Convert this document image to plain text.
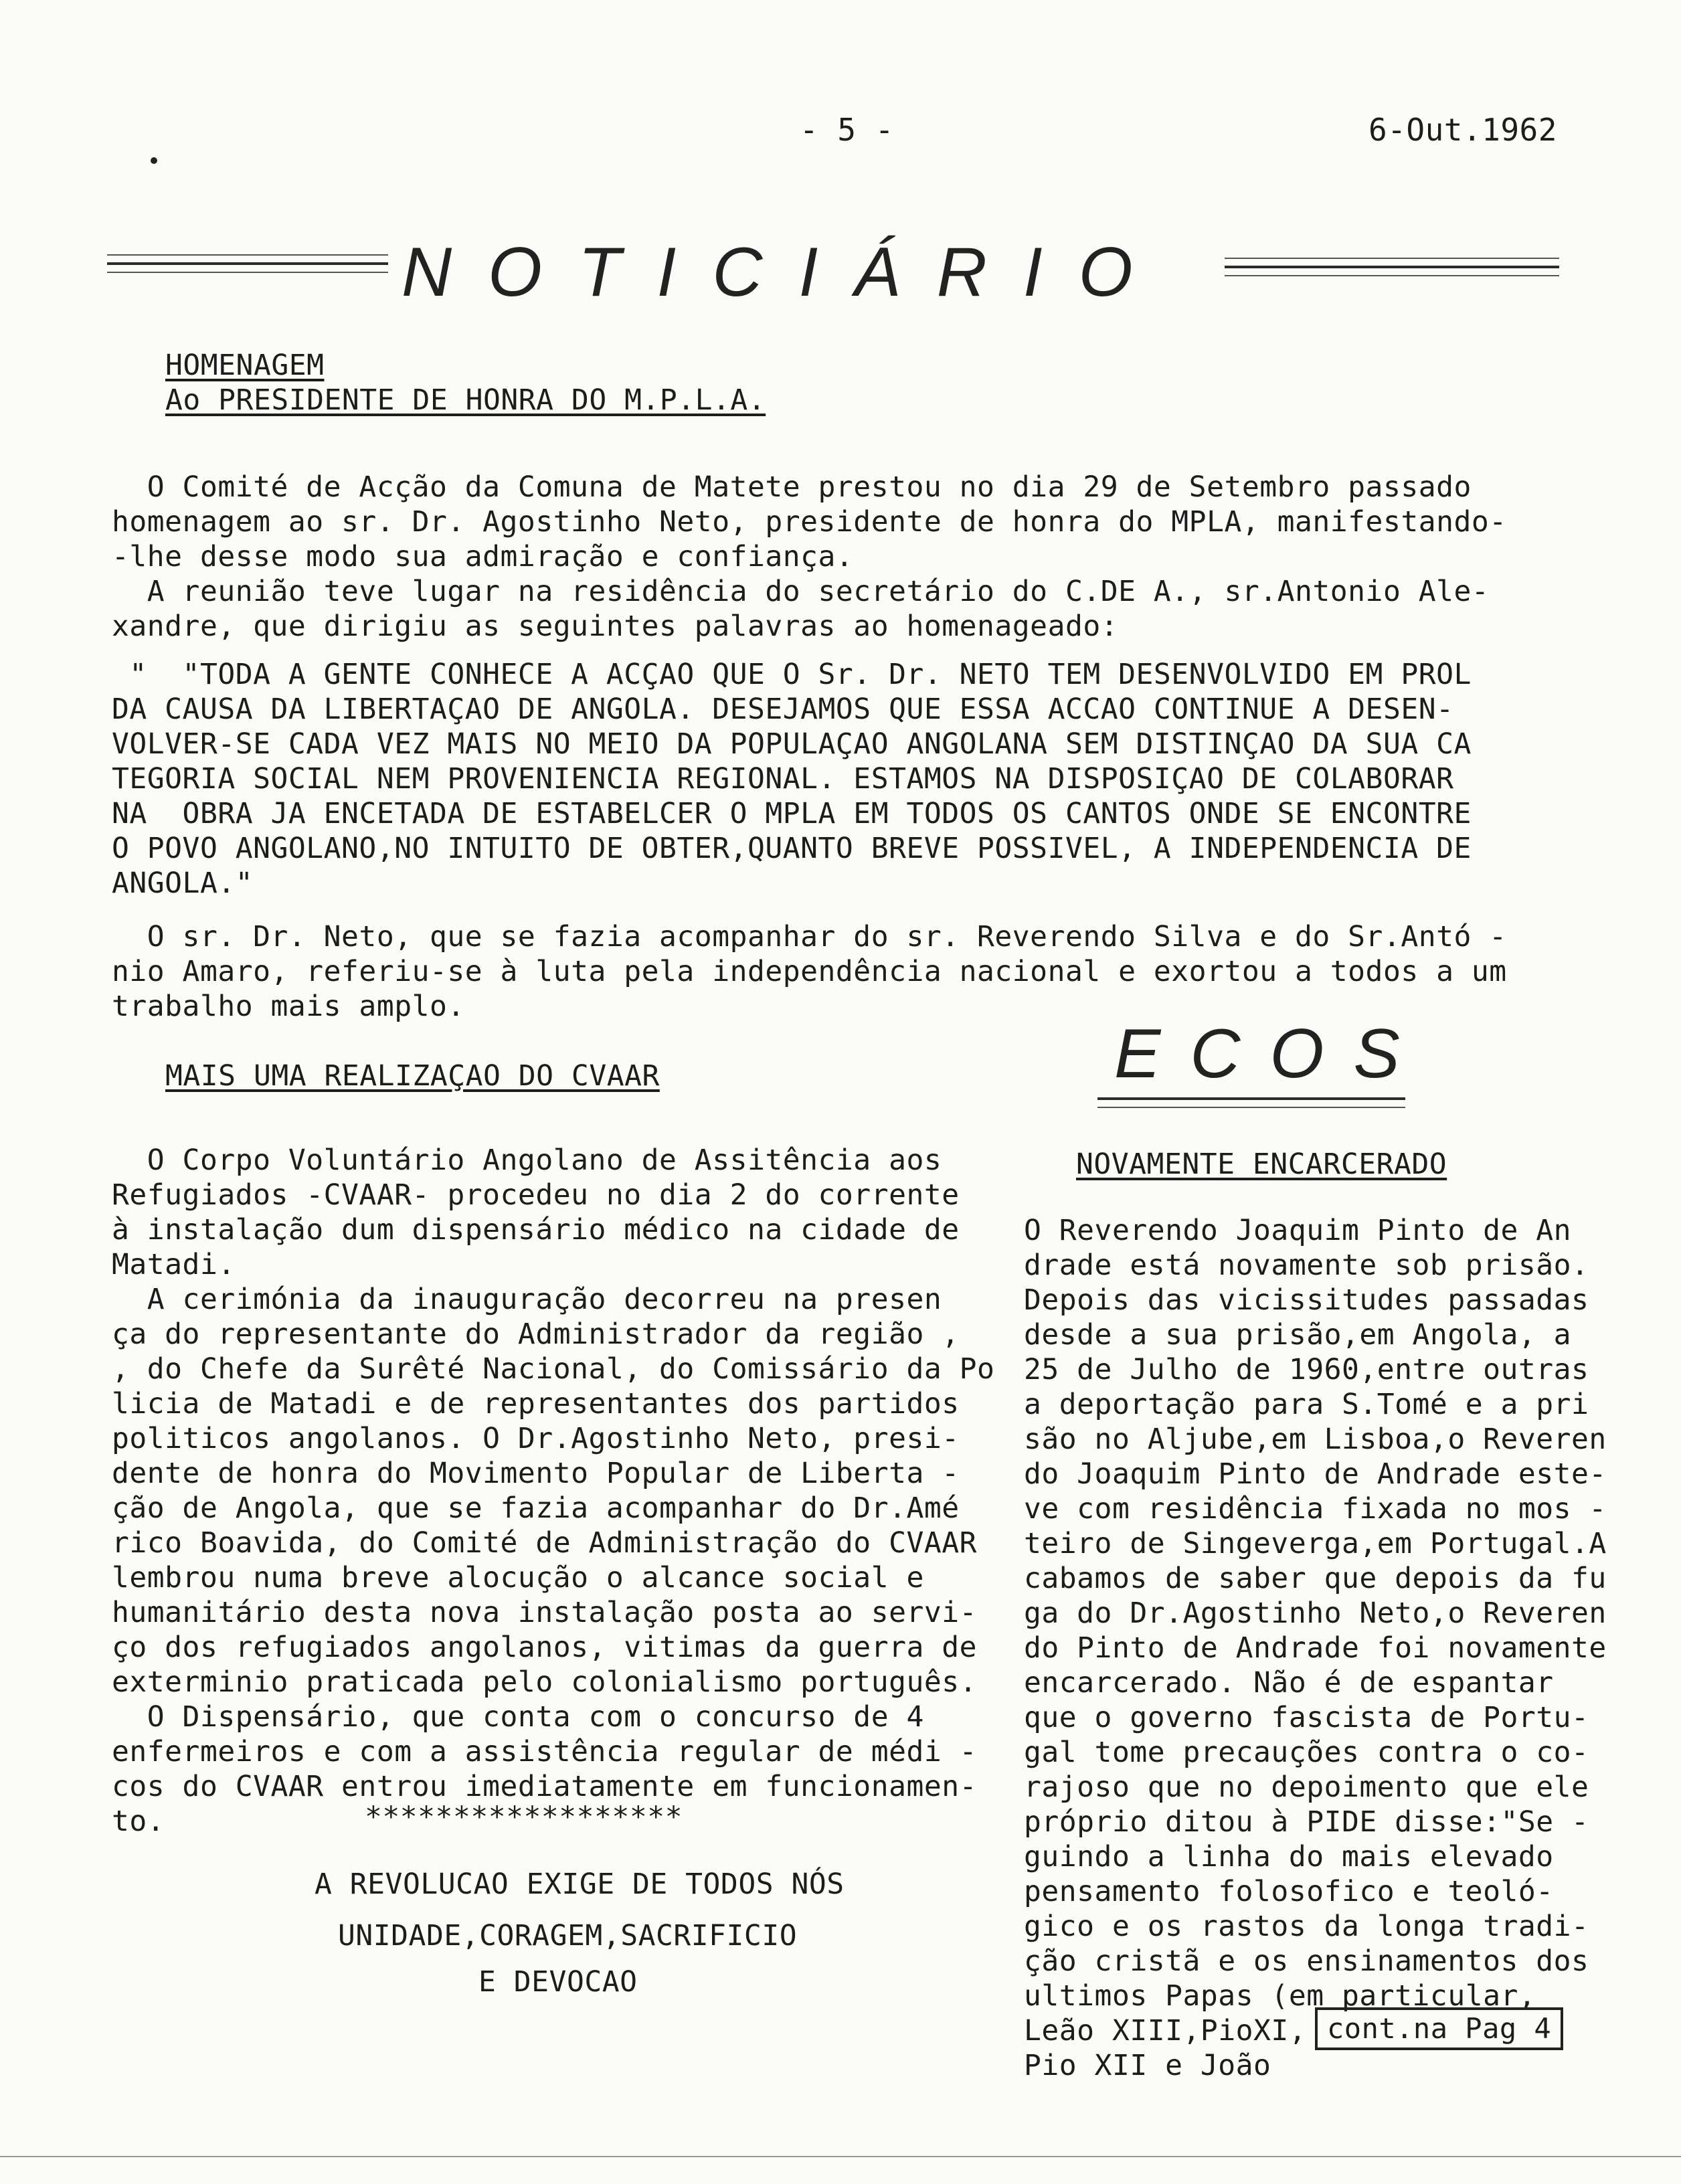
- 5 -	6-Out.1962
NOTICIÁRIO
HOMENAGEM
Ao PRESIDENTE DE HONRA DO M.P.L.A.
O Comité de Acção da Comuna de Matete prestou no dia 29 de Setembro passado
homenagem ao sr. Dr. Agostinho Neto, presidente de honra do MPLA, manifestando-
-lhe desse modo sua admiração e confiança.
A reunião teve lugar na residência do secretário do C.DE A., sr.Antonio Ale-
xandre, que dirigiu as seguintes palavras ao homenageado:
"  "TODA A GENTE CONHECE A ACÇAO QUE O Sr. Dr. NETO TEM DESENVOLVIDO EM PROL
DA CAUSA DA LIBERTAÇAO DE ANGOLA. DESEJAMOS QUE ESSA ACCAO CONTINUE A DESEN-
VOLVER-SE CADA VEZ MAIS NO MEIO DA POPULAÇAO ANGOLANA SEM DISTINÇAO DA SUA CA
TEGORIA SOCIAL NEM PROVENIENCIA REGIONAL. ESTAMOS NA DISPOSIÇAO DE COLABORAR
NA  OBRA JA ENCETADA DE ESTABELCER O MPLA EM TODOS OS CANTOS ONDE SE ENCONTRE
O POVO ANGOLANO,NO INTUITO DE OBTER,QUANTO BREVE POSSIVEL, A INDEPENDENCIA DE
ANGOLA."
O sr. Dr. Neto, que se fazia acompanhar do sr. Reverendo Silva e do Sr.Antó -
nio Amaro, referiu-se à luta pela independência nacional e exortou a todos a um
trabalho mais amplo.
MAIS UMA REALIZAÇAO DO CVAAR
O Corpo Voluntário Angolano de Assitência aos
Refugiados -CVAAR- procedeu no dia 2 do corrente
à instalação dum dispensário médico na cidade de
Matadi.
A cerimónia da inauguração decorreu na presen
ça do representante do Administrador da região ,
, do Chefe da Surêté Nacional, do Comissário da Po
licia de Matadi e de representantes dos partidos
politicos angolanos. O Dr.Agostinho Neto, presi-
dente de honra do Movimento Popular de Liberta -
ção de Angola, que se fazia acompanhar do Dr.Amé
rico Boavida, do Comité de Administração do CVAAR
lembrou numa breve alocução o alcance social e
humanitário desta nova instalação posta ao servi-
ço dos refugiados angolanos, vitimas da guerra de
exterminio praticada pelo colonialismo português.
O Dispensário, que conta com o concurso de 4
enfermeiros e com a assistência regular de médi -
cos do CVAAR entrou imediatamente em funcionamen-
to.	******************
A REVOLUCAO EXIGE DE TODOS NÓS
UNIDADE,CORAGEM,SACRIFICIO
E DEVOCAO
ECOS
NOVAMENTE ENCARCERADO
O Reverendo Joaquim Pinto de An
drade está novamente sob prisão.
Depois das vicissitudes passadas
desde a sua prisão,em Angola, a
25 de Julho de 1960,entre outras
a deportação para S.Tomé e a pri
são no Aljube,em Lisboa,o Reveren
do Joaquim Pinto de Andrade este-
ve com residência fixada no mos -
teiro de Singeverga,em Portugal.A
cabamos de saber que depois da fu
ga do Dr.Agostinho Neto,o Reveren
do Pinto de Andrade foi novamente
encarcerado. Não é de espantar
que o governo fascista de Portu-
gal tome precauções contra o co-
rajoso que no depoimento que ele
próprio ditou à PIDE disse:"Se -
guindo a linha do mais elevado
pensamento folosofico e teoló-
gico e os rastos da longa tradi-
ção cristã e os ensinamentos dos
ultimos Papas (em particular,
Leão XIII,PioXI,
Pio XII e João
cont.na Pag 4
